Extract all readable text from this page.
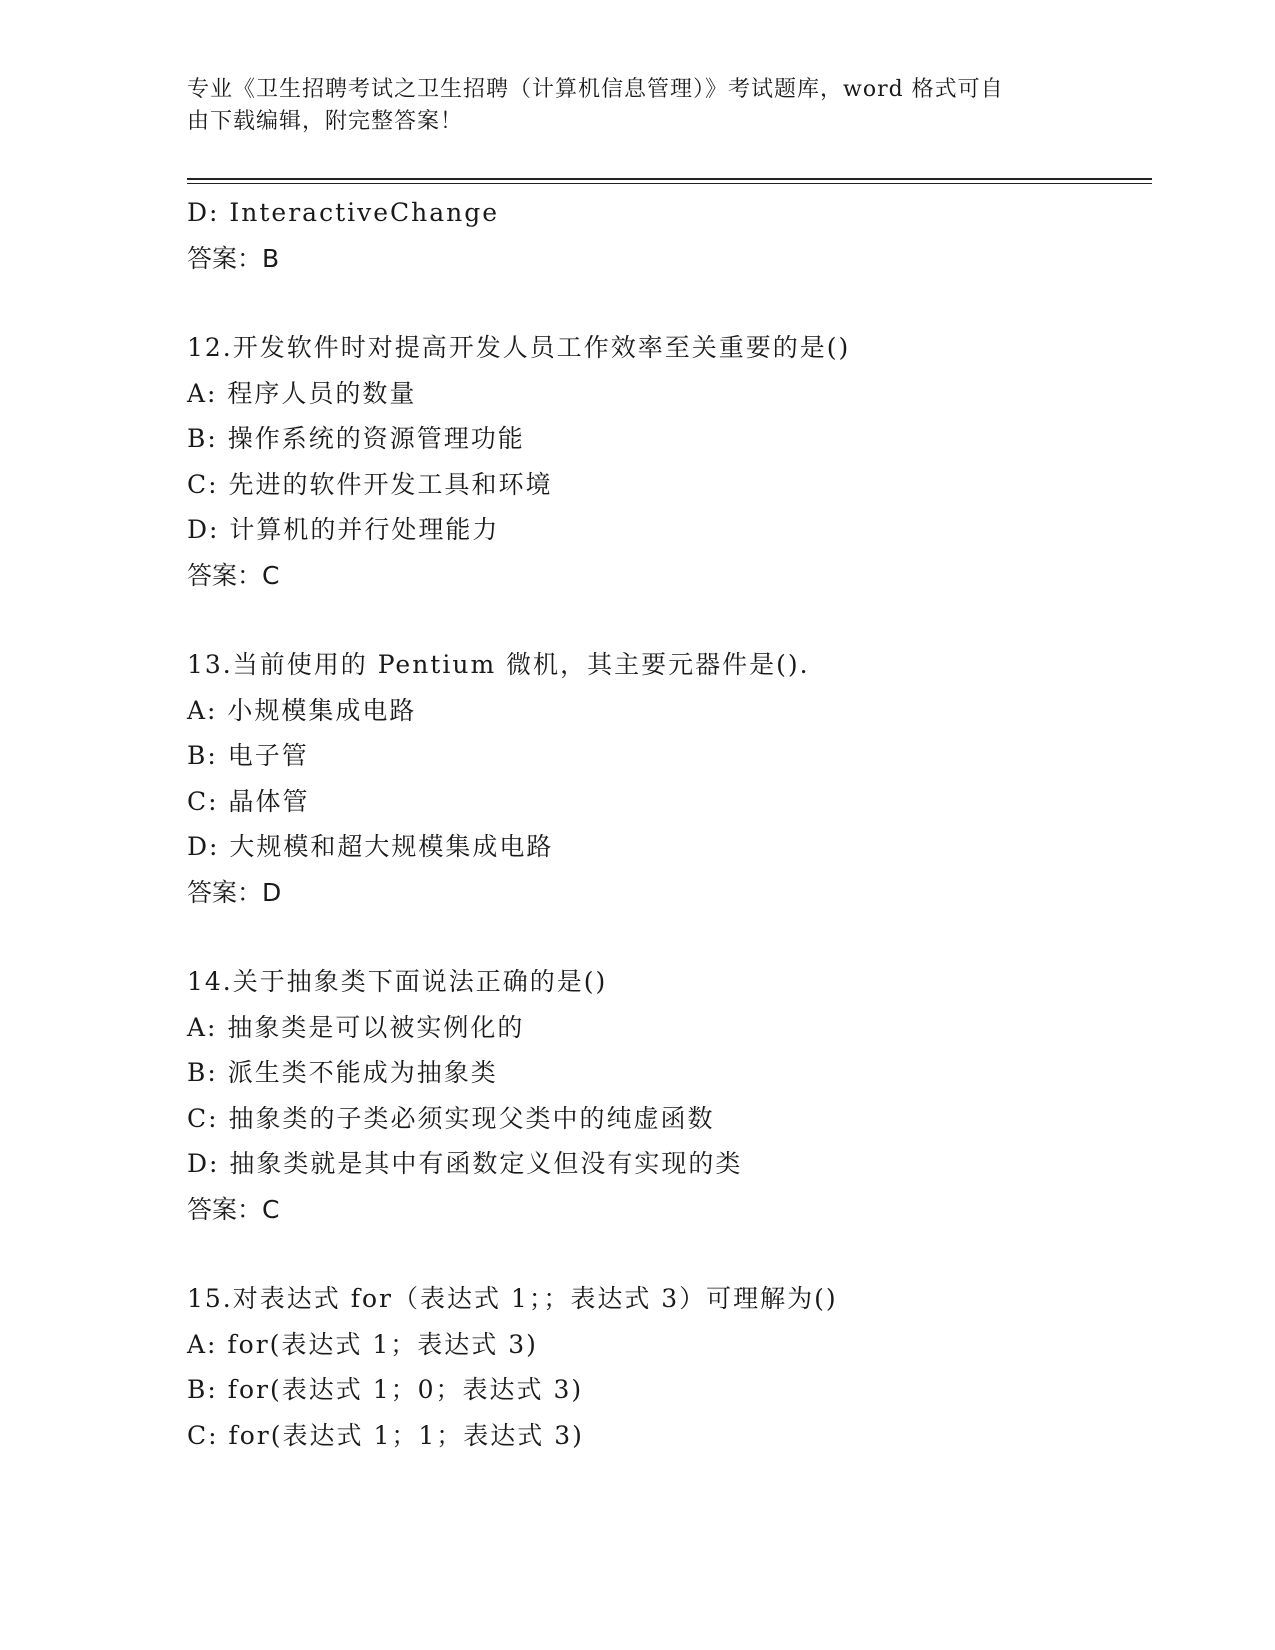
专业《卫生招聘考试之卫生招聘（计算机信息管理）》考试题库，word 格式可自
由下载编辑，附完整答案！
D: InteractiveChange
答案：B
12.开发软件时对提高开发人员工作效率至关重要的是()
A: 程序人员的数量
B: 操作系统的资源管理功能
C: 先进的软件开发工具和环境
D: 计算机的并行处理能力
答案：C
13.当前使用的 Pentium 微机，其主要元器件是().
A: 小规模集成电路
B: 电子管
C: 晶体管
D: 大规模和超大规模集成电路
答案：D
14.关于抽象类下面说法正确的是()
A: 抽象类是可以被实例化的
B: 派生类不能成为抽象类
C: 抽象类的子类必须实现父类中的纯虚函数
D: 抽象类就是其中有函数定义但没有实现的类
答案：C
15.对表达式 for（表达式 1；；表达式 3）可理解为()
A: for(表达式 1；表达式 3)
B: for(表达式 1；0；表达式 3)
C: for(表达式 1；1；表达式 3)
